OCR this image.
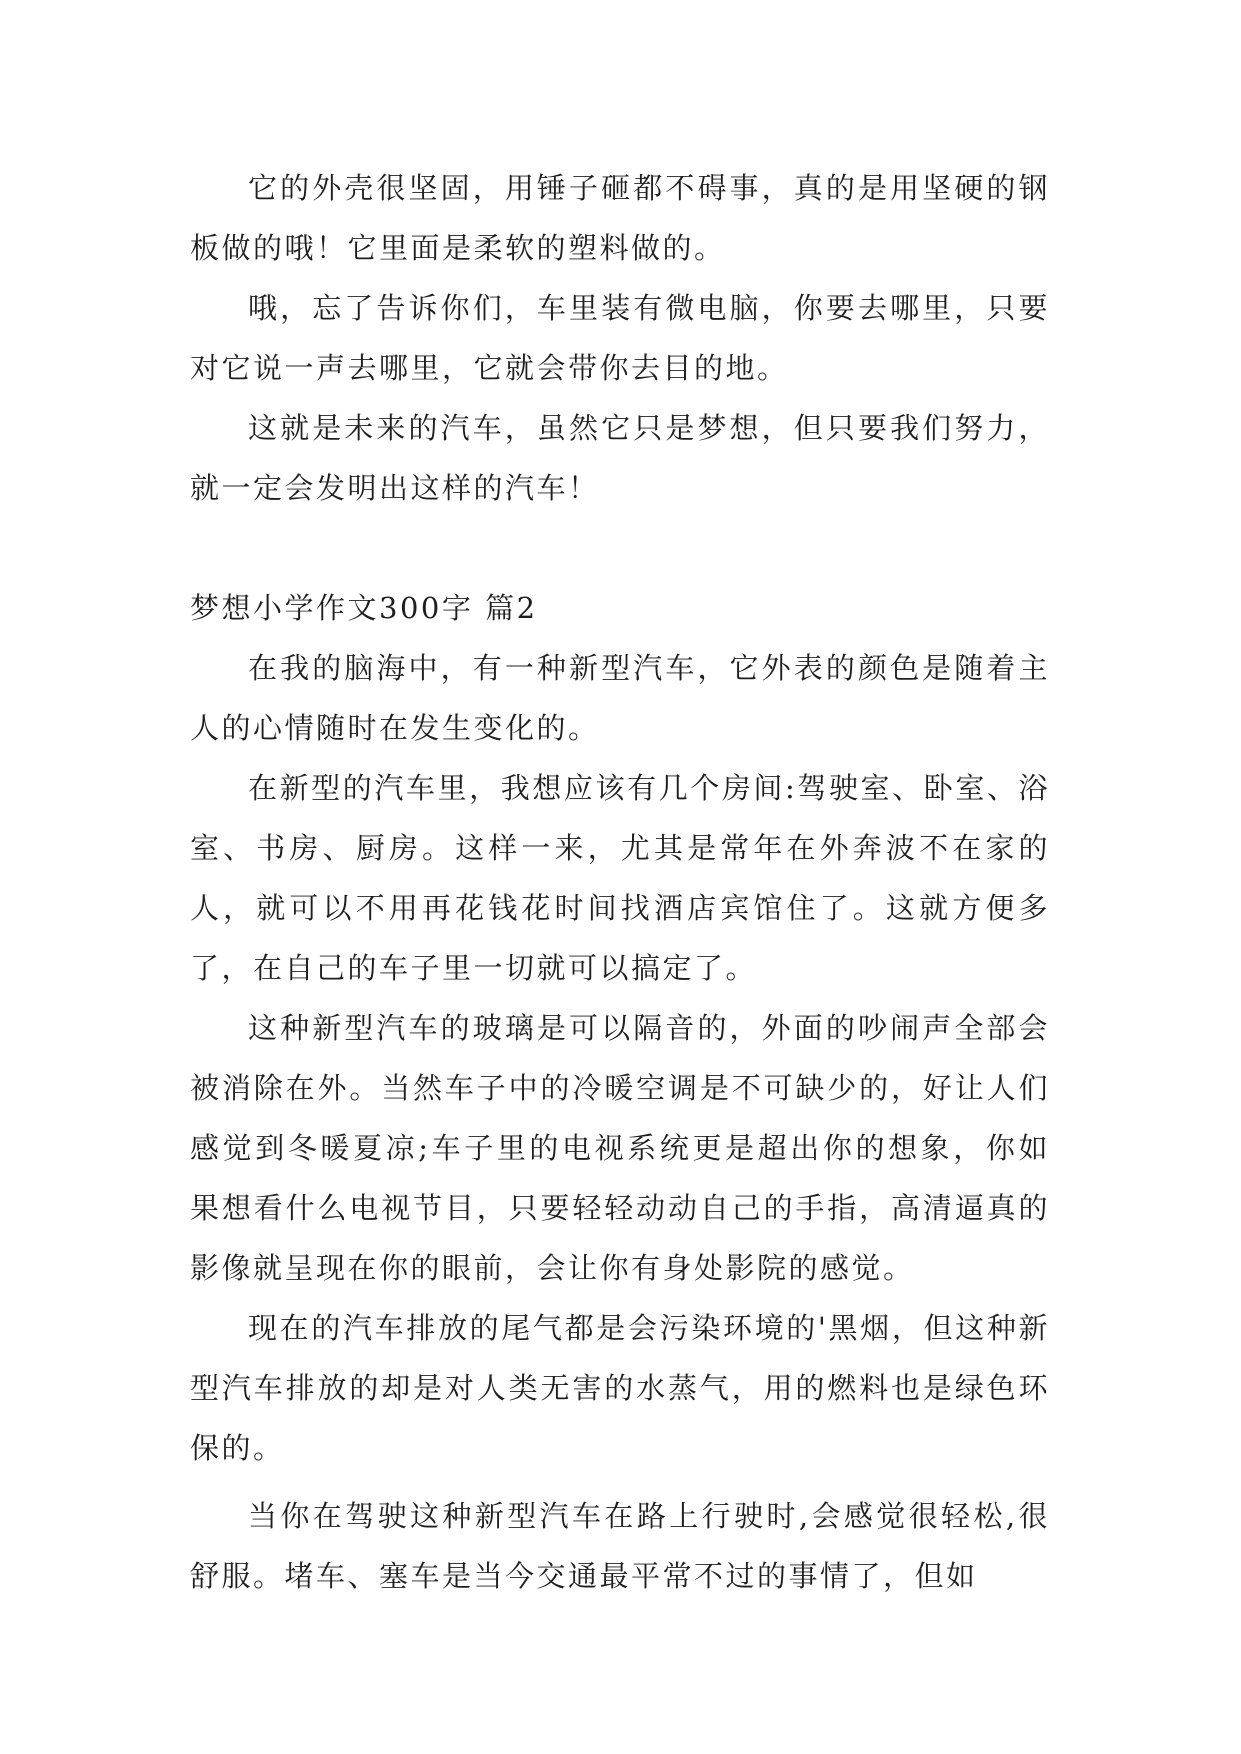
它的外壳很坚固，用锤子砸都不碍事，真的是用坚硬的钢板做的哦！它里面是柔软的塑料做的。

哦，忘了告诉你们，车里装有微电脑，你要去哪里，只要对它说一声去哪里，它就会带你去目的地。

这就是未来的汽车，虽然它只是梦想，但只要我们努力，就一定会发明出这样的汽车！

梦想小学作文300字 篇2

在我的脑海中，有一种新型汽车，它外表的颜色是随着主人的心情随时在发生变化的。

在新型的汽车里，我想应该有几个房间:驾驶室、卧室、浴室、书房、厨房。这样一来，尤其是常年在外奔波不在家的人，就可以不用再花钱花时间找酒店宾馆住了。这就方便多了，在自己的车子里一切就可以搞定了。

这种新型汽车的玻璃是可以隔音的，外面的吵闹声全部会被消除在外。当然车子中的冷暖空调是不可缺少的，好让人们感觉到冬暖夏凉;车子里的电视系统更是超出你的想象，你如果想看什么电视节目，只要轻轻动动自己的手指，高清逼真的影像就呈现在你的眼前，会让你有身处影院的感觉。

现在的汽车排放的尾气都是会污染环境的'黑烟，但这种新型汽车排放的却是对人类无害的水蒸气，用的燃料也是绿色环保的。

当你在驾驶这种新型汽车在路上行驶时,会感觉很轻松,很舒服。堵车、塞车是当今交通最平常不过的事情了，但如
